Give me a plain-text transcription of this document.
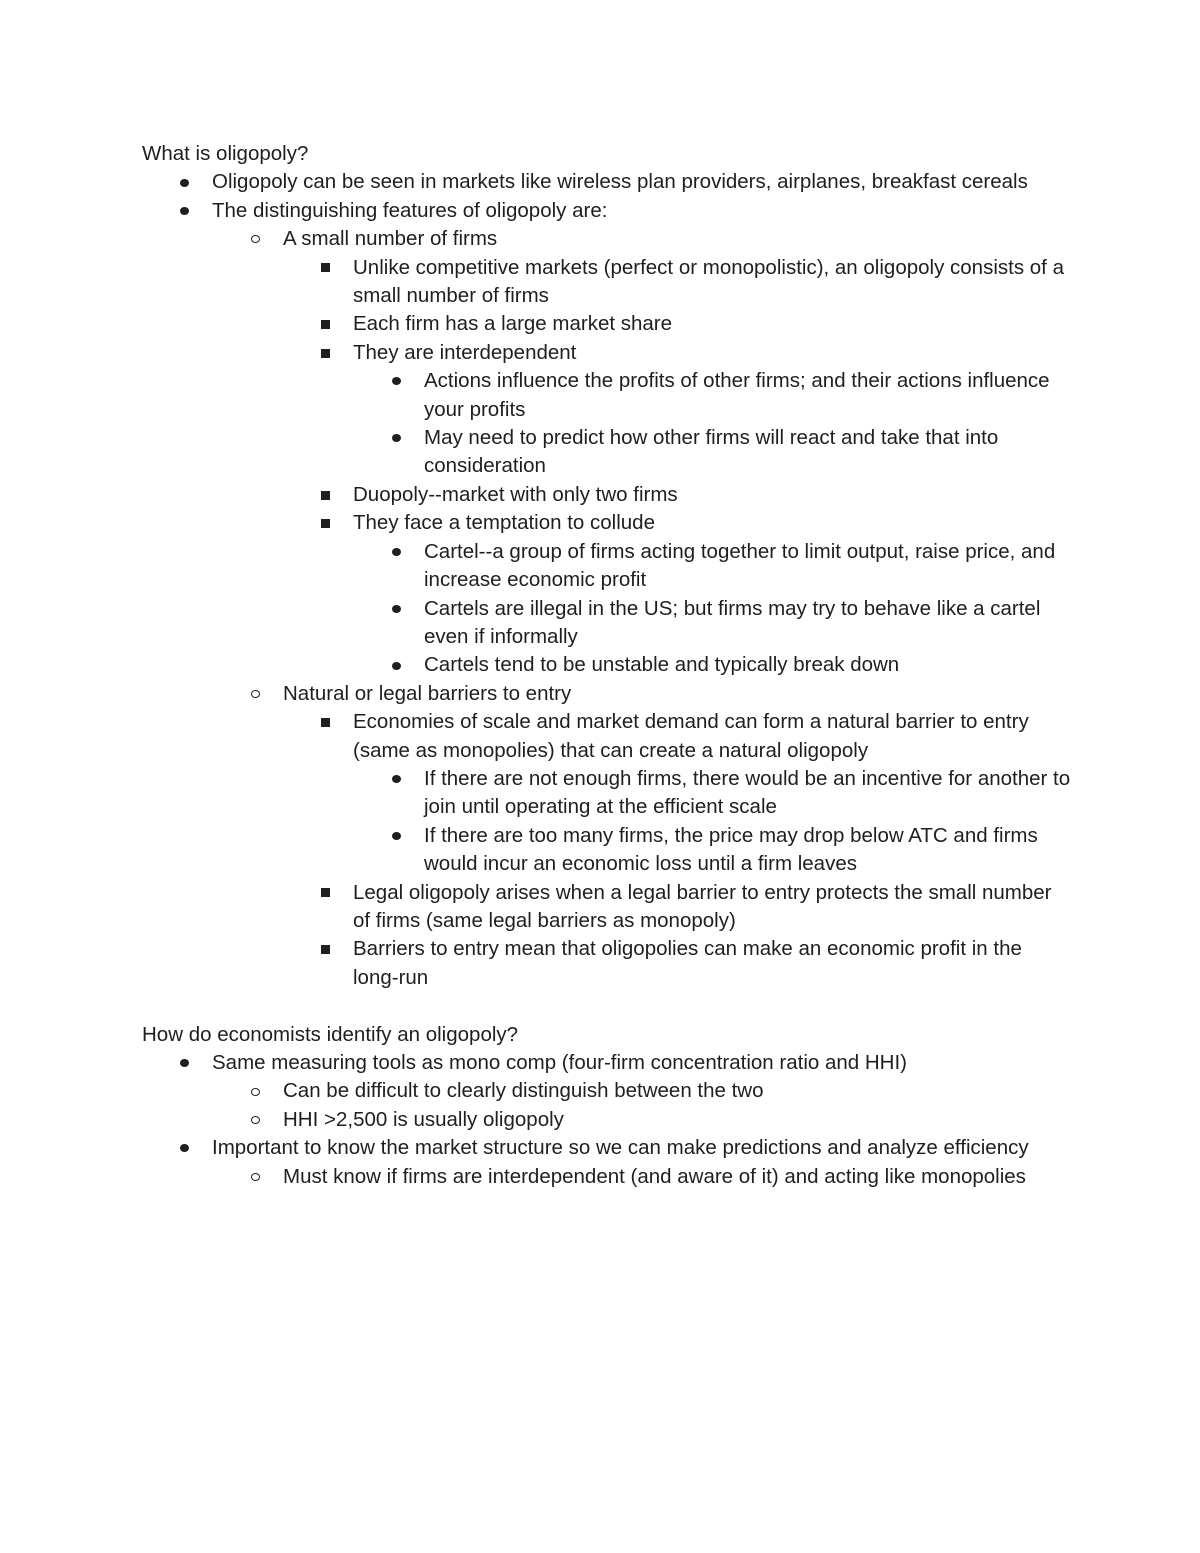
What is oligopoly?

Oligopoly can be seen in markets like wireless plan providers, airplanes, breakfast cereals
The distinguishing features of oligopoly are:
A small number of firms
Unlike competitive markets (perfect or monopolistic), an oligopoly consists of a small number of firms
Each firm has a large market share
They are interdependent
Actions influence the profits of other firms; and their actions influence your profits
May need to predict how other firms will react and take that into consideration
Duopoly--market with only two firms
They face a temptation to collude
Cartel--a group of firms acting together to limit output, raise price, and increase economic profit
Cartels are illegal in the US; but firms may try to behave like a cartel even if informally
Cartels tend to be unstable and typically break down
Natural or legal barriers to entry
Economies of scale and market demand can form a natural barrier to entry (same as monopolies) that can create a natural oligopoly
If there are not enough firms, there would be an incentive for another to join until operating at the efficient scale
If there are too many firms, the price may drop below ATC and firms would incur an economic loss until a firm leaves
Legal oligopoly arises when a legal barrier to entry protects the small number of firms (same legal barriers as monopoly)
Barriers to entry mean that oligopolies can make an economic profit in the long-run

How do economists identify an oligopoly?

Same measuring tools as mono comp (four-firm concentration ratio and HHI)
Can be difficult to clearly distinguish between the two
HHI >2,500 is usually oligopoly
Important to know the market structure so we can make predictions and analyze efficiency
Must know if firms are interdependent (and aware of it) and acting like monopolies
